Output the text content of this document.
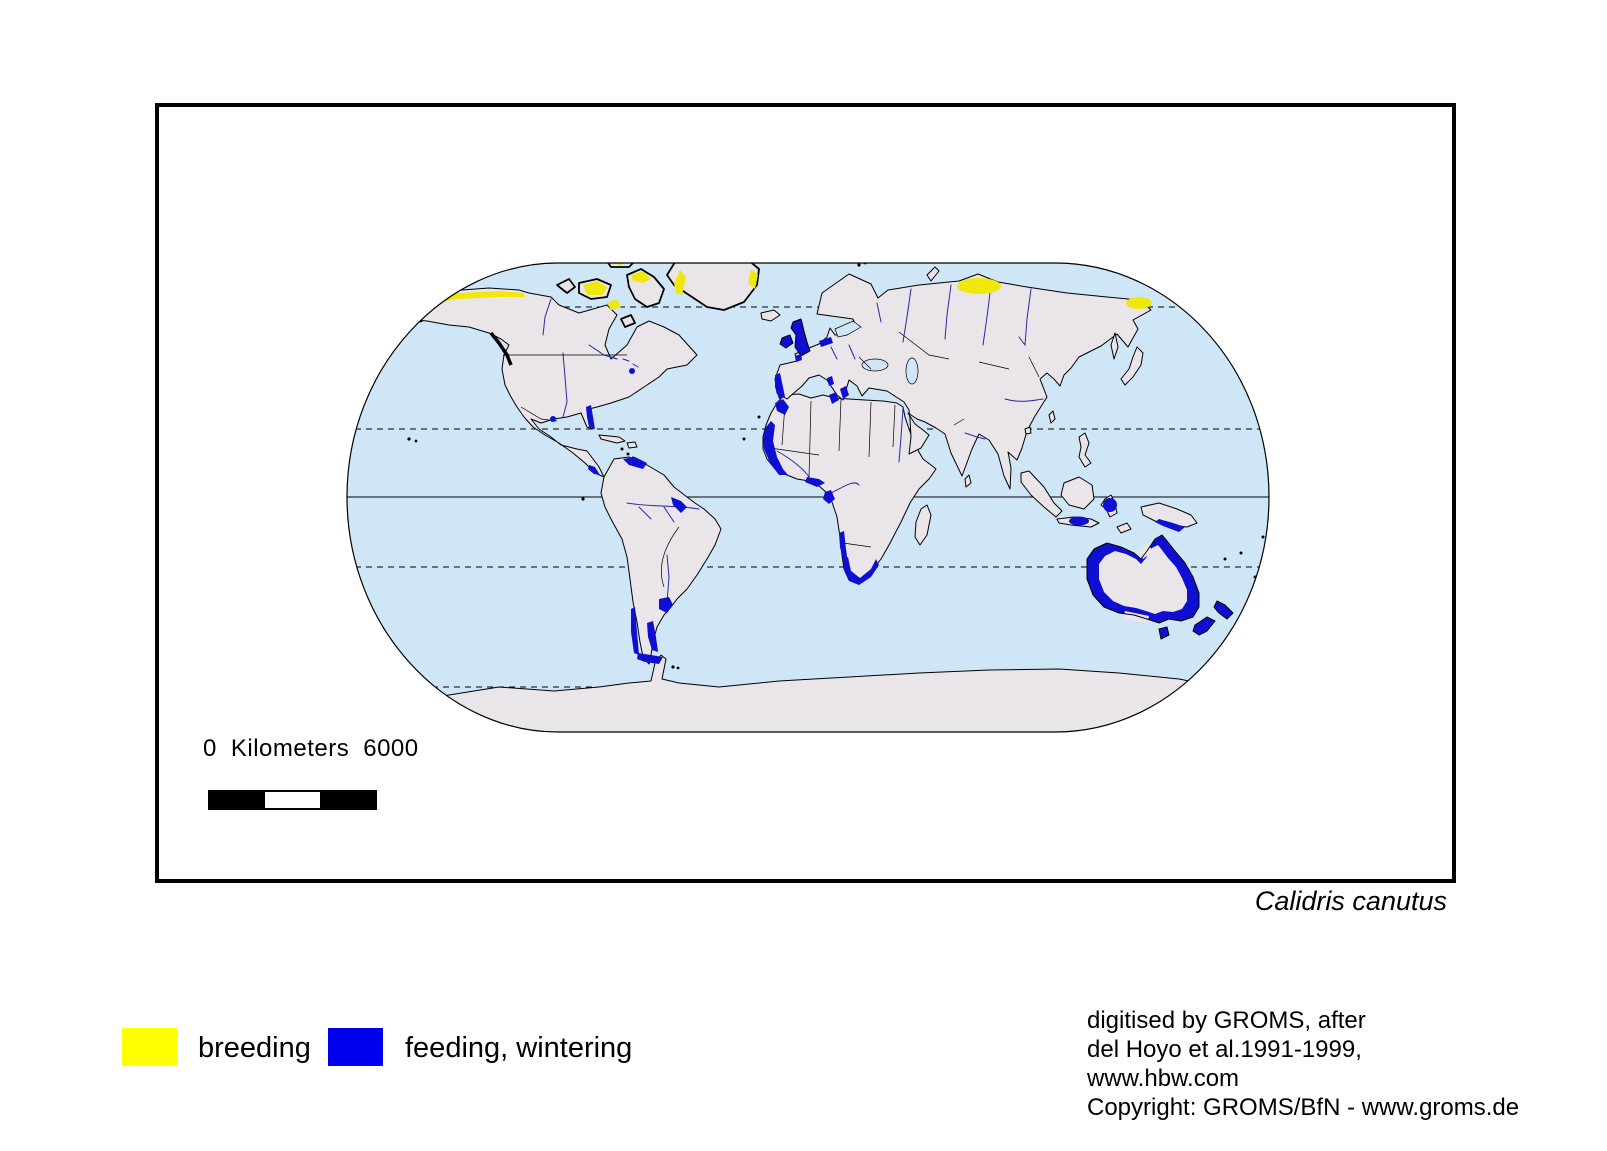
0 Kilometers 6000
Calidris canutus
breeding	feeding, wintering
digitised by GROMS, after
del Hoyo et al.1991-1999,
www.hbw.com
Copyright: GROMS/BfN - www.groms.de
